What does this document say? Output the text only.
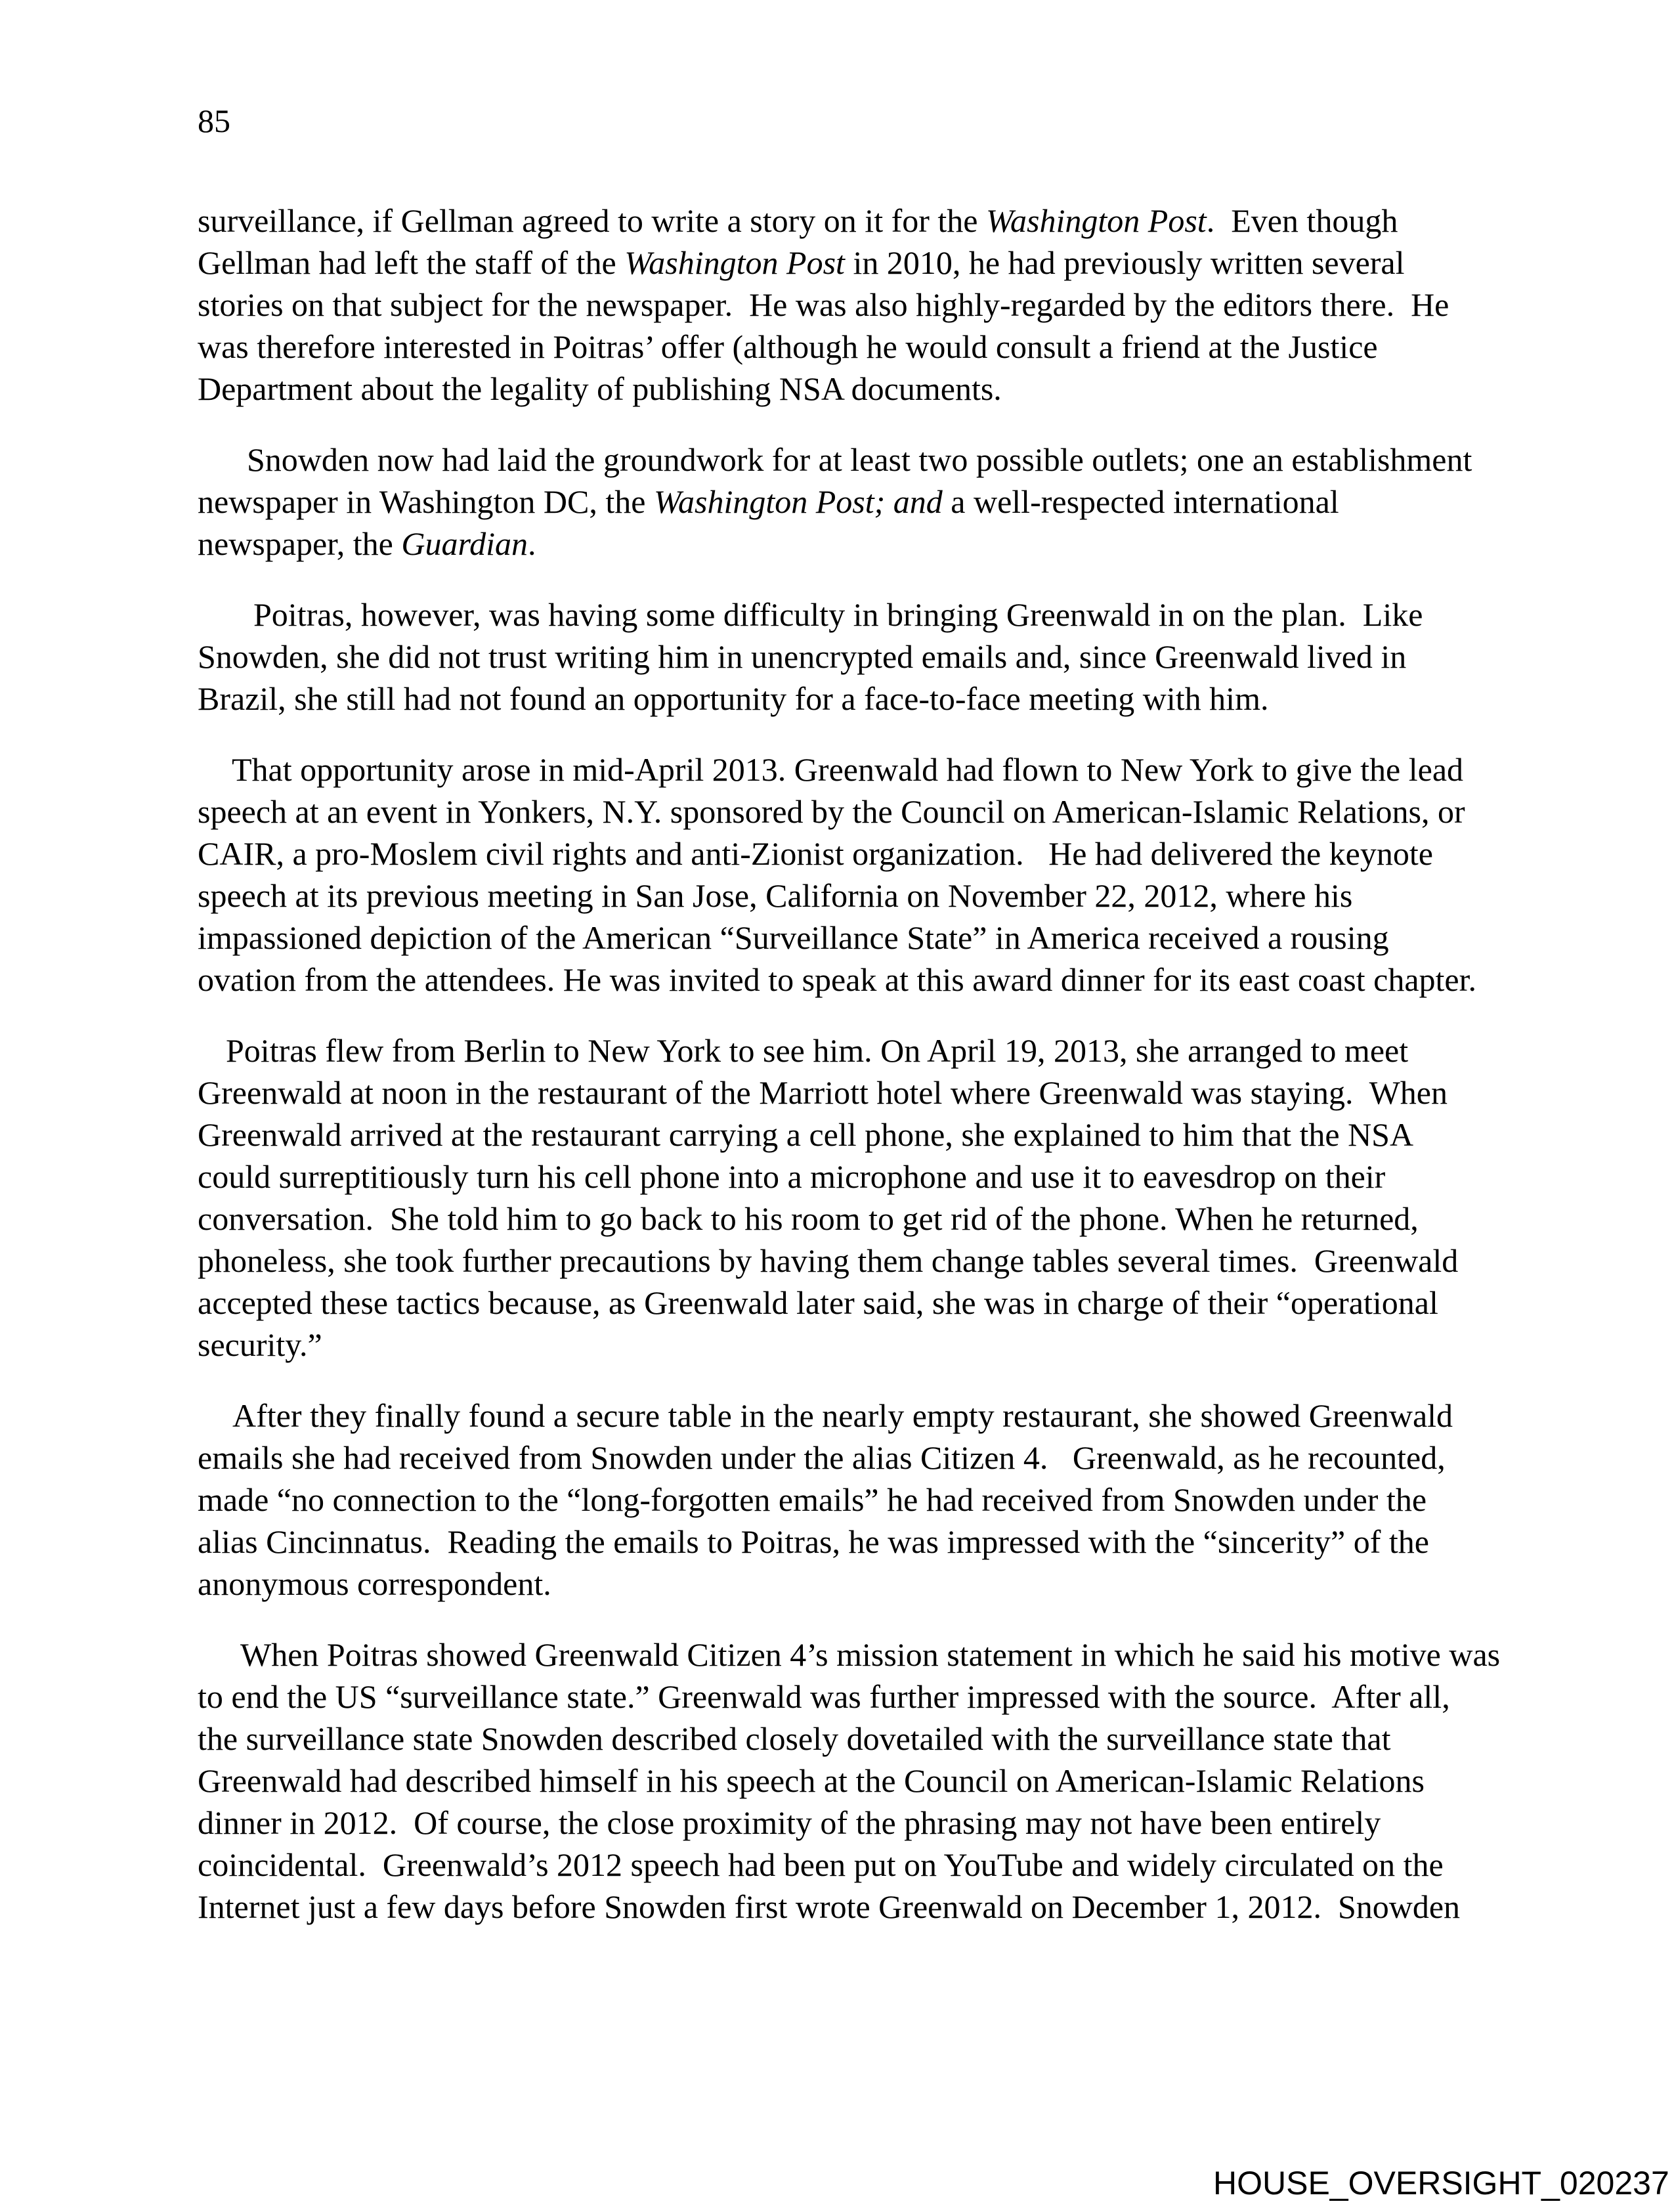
85

surveillance, if Gellman agreed to write a story on it for the Washington Post.  Even though
Gellman had left the staff of the Washington Post in 2010, he had previously written several
stories on that subject for the newspaper.  He was also highly-regarded by the editors there.  He
was therefore interested in Poitras’ offer (although he would consult a friend at the Justice
Department about the legality of publishing NSA documents.

Snowden now had laid the groundwork for at least two possible outlets; one an establishment
newspaper in Washington DC, the Washington Post; and a well-respected international
newspaper, the Guardian.

Poitras, however, was having some difficulty in bringing Greenwald in on the plan.  Like
Snowden, she did not trust writing him in unencrypted emails and, since Greenwald lived in
Brazil, she still had not found an opportunity for a face-to-face meeting with him.

That opportunity arose in mid-April 2013. Greenwald had flown to New York to give the lead
speech at an event in Yonkers, N.Y. sponsored by the Council on American-Islamic Relations, or
CAIR, a pro-Moslem civil rights and anti-Zionist organization.   He had delivered the keynote
speech at its previous meeting in San Jose, California on November 22, 2012, where his
impassioned depiction of the American “Surveillance State” in America received a rousing
ovation from the attendees. He was invited to speak at this award dinner for its east coast chapter.

Poitras flew from Berlin to New York to see him. On April 19, 2013, she arranged to meet
Greenwald at noon in the restaurant of the Marriott hotel where Greenwald was staying.  When
Greenwald arrived at the restaurant carrying a cell phone, she explained to him that the NSA
could surreptitiously turn his cell phone into a microphone and use it to eavesdrop on their
conversation.  She told him to go back to his room to get rid of the phone. When he returned,
phoneless, she took further precautions by having them change tables several times.  Greenwald
accepted these tactics because, as Greenwald later said, she was in charge of their “operational
security.”

After they finally found a secure table in the nearly empty restaurant, she showed Greenwald
emails she had received from Snowden under the alias Citizen 4.   Greenwald, as he recounted,
made “no connection to the “long-forgotten emails” he had received from Snowden under the
alias Cincinnatus.  Reading the emails to Poitras, he was impressed with the “sincerity” of the
anonymous correspondent.

When Poitras showed Greenwald Citizen 4’s mission statement in which he said his motive was
to end the US “surveillance state.” Greenwald was further impressed with the source.  After all,
the surveillance state Snowden described closely dovetailed with the surveillance state that
Greenwald had described himself in his speech at the Council on American-Islamic Relations
dinner in 2012.  Of course, the close proximity of the phrasing may not have been entirely
coincidental.  Greenwald’s 2012 speech had been put on YouTube and widely circulated on the
Internet just a few days before Snowden first wrote Greenwald on December 1, 2012.  Snowden

HOUSE_OVERSIGHT_020237
